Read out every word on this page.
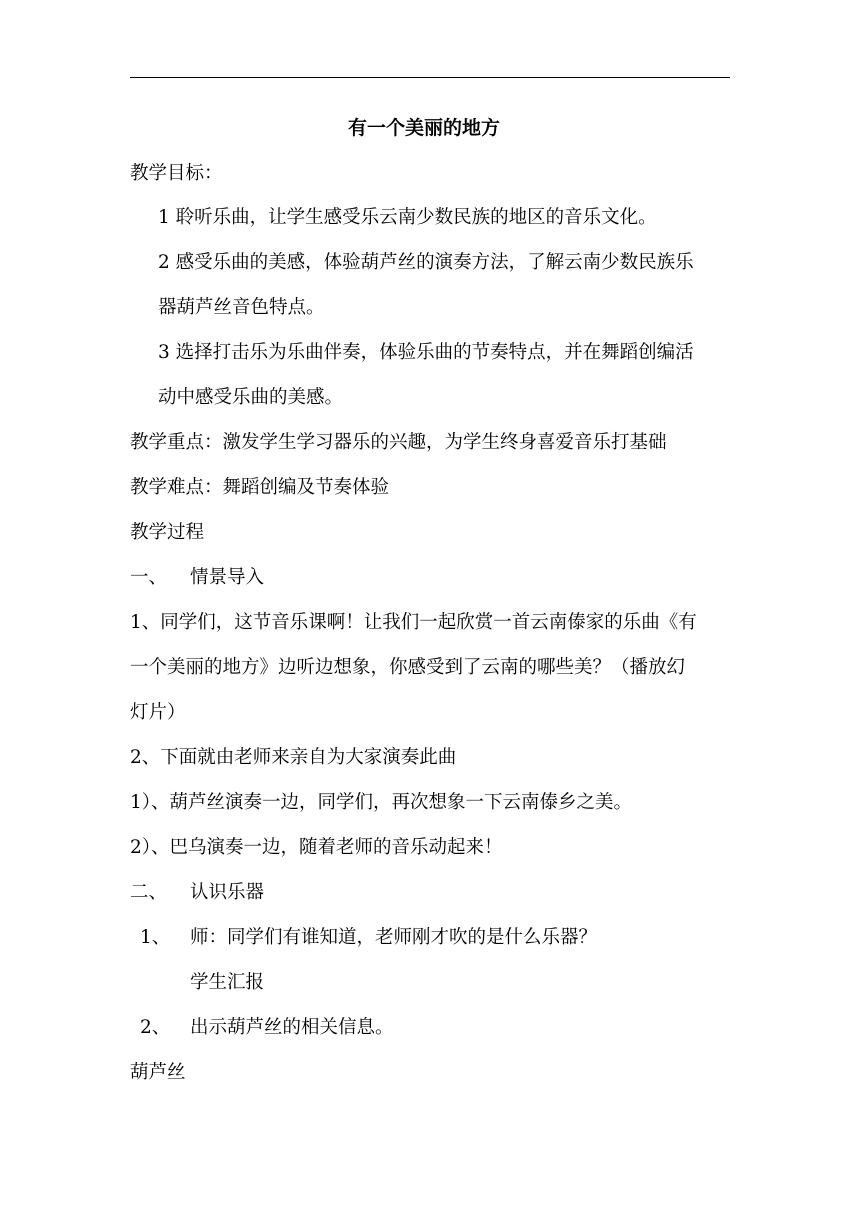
有一个美丽的地方
教学目标：
1 聆听乐曲，让学生感受乐云南少数民族的地区的音乐文化。
2 感受乐曲的美感，体验葫芦丝的演奏方法，了解云南少数民族乐
器葫芦丝音色特点。
3 选择打击乐为乐曲伴奏，体验乐曲的节奏特点，并在舞蹈创编活
动中感受乐曲的美感。
教学重点：激发学生学习器乐的兴趣，为学生终身喜爱音乐打基础
教学难点：舞蹈创编及节奏体验
教学过程
一、 情景导入
1、同学们，这节音乐课啊！让我们一起欣赏一首云南傣家的乐曲《有
一个美丽的地方》边听边想象，你感受到了云南的哪些美？（播放幻
灯片）
2、下面就由老师来亲自为大家演奏此曲
1）、葫芦丝演奏一边，同学们，再次想象一下云南傣乡之美。
2）、巴乌演奏一边，随着老师的音乐动起来！
二、 认识乐器
1、 师：同学们有谁知道，老师刚才吹的是什么乐器？
学生汇报
2、 出示葫芦丝的相关信息。
葫芦丝
